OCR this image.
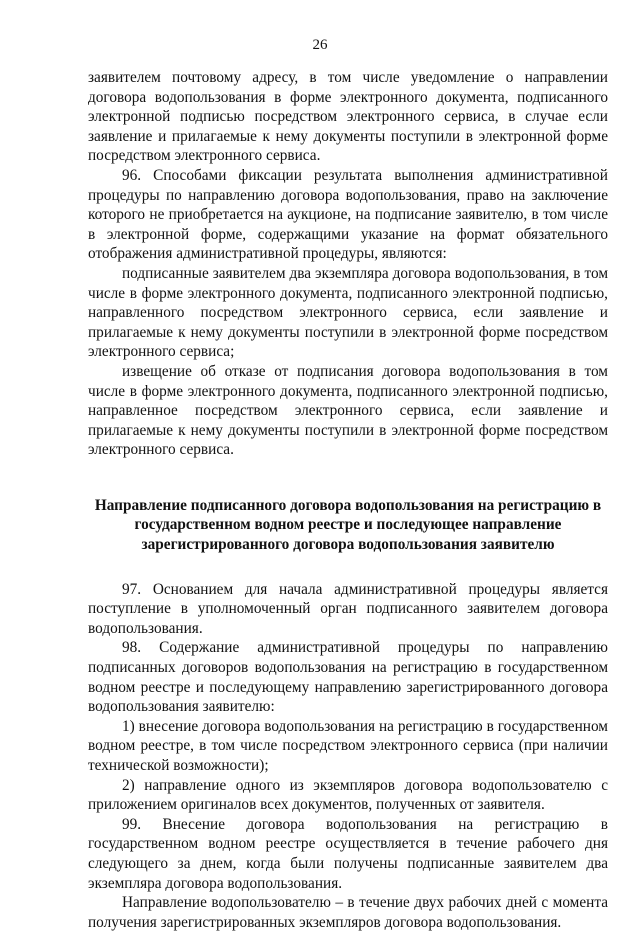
26

заявителем почтовому адресу, в том числе уведомление о направлении договора водопользования в форме электронного документа, подписанного электронной подписью посредством электронного сервиса, в случае если заявление и прилагаемые к нему документы поступили в электронной форме посредством электронного сервиса.

96. Способами фиксации результата выполнения административной процедуры по направлению договора водопользования, право на заключение которого не приобретается на аукционе, на подписание заявителю, в том числе в электронной форме, содержащими указание на формат обязательного отображения административной процедуры, являются:

подписанные заявителем два экземпляра договора водопользования, в том числе в форме электронного документа, подписанного электронной подписью, направленного посредством электронного сервиса, если заявление и прилагаемые к нему документы поступили в электронной форме посредством электронного сервиса;

извещение об отказе от подписания договора водопользования в том числе в форме электронного документа, подписанного электронной подписью, направленное посредством электронного сервиса, если заявление и прилагаемые к нему документы поступили в электронной форме посредством электронного сервиса.

Направление подписанного договора водопользования на регистрацию в государственном водном реестре и последующее направление зарегистрированного договора водопользования заявителю

97. Основанием для начала административной процедуры является поступление в уполномоченный орган подписанного заявителем договора водопользования.

98. Содержание административной процедуры по направлению подписанных договоров водопользования на регистрацию в государственном водном реестре и последующему направлению зарегистрированного договора водопользования заявителю:

1) внесение договора водопользования на регистрацию в государственном водном реестре, в том числе посредством электронного сервиса (при наличии технической возможности);

2) направление одного из экземпляров договора водопользователю с приложением оригиналов всех документов, полученных от заявителя.

99. Внесение договора водопользования на регистрацию в государственном водном реестре осуществляется в течение рабочего дня следующего за днем, когда были получены подписанные заявителем два экземпляра договора водопользования.

Направление водопользователю – в течение двух рабочих дней с момента получения зарегистрированных экземпляров договора водопользования.
